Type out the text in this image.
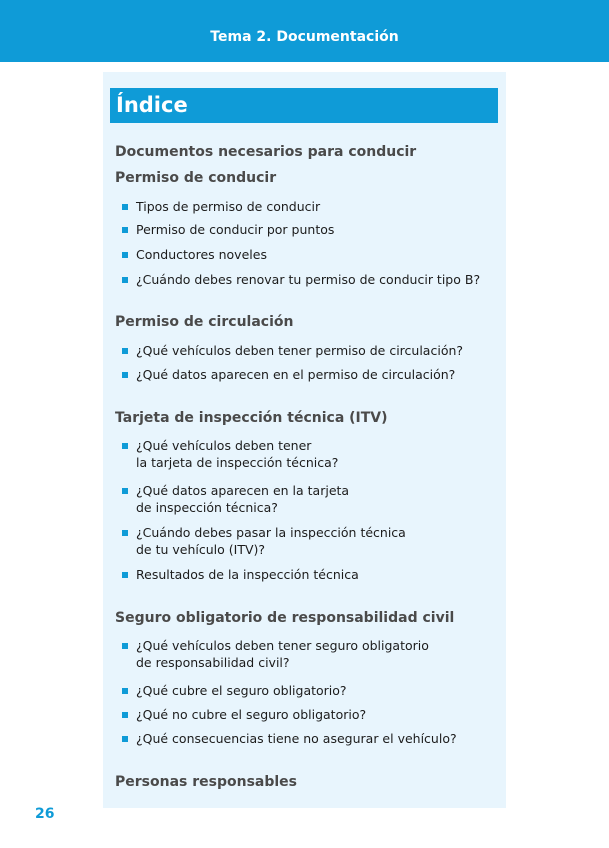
Tema 2. Documentación
Índice
Documentos necesarios para conducir
Permiso de conducir
Tipos de permiso de conducir
Permiso de conducir por puntos
Conductores noveles
¿Cuándo debes renovar tu permiso de conducir tipo B?
Permiso de circulación
¿Qué vehículos deben tener permiso de circulación?
¿Qué datos aparecen en el permiso de circulación?
Tarjeta de inspección técnica (ITV)
¿Qué vehículos deben tener
la tarjeta de inspección técnica?
¿Qué datos aparecen en la tarjeta
de inspección técnica?
¿Cuándo debes pasar la inspección técnica
de tu vehículo (ITV)?
Resultados de la inspección técnica
Seguro obligatorio de responsabilidad civil
¿Qué vehículos deben tener seguro obligatorio
de responsabilidad civil?
¿Qué cubre el seguro obligatorio?
¿Qué no cubre el seguro obligatorio?
¿Qué consecuencias tiene no asegurar el vehículo?
Personas responsables
26
